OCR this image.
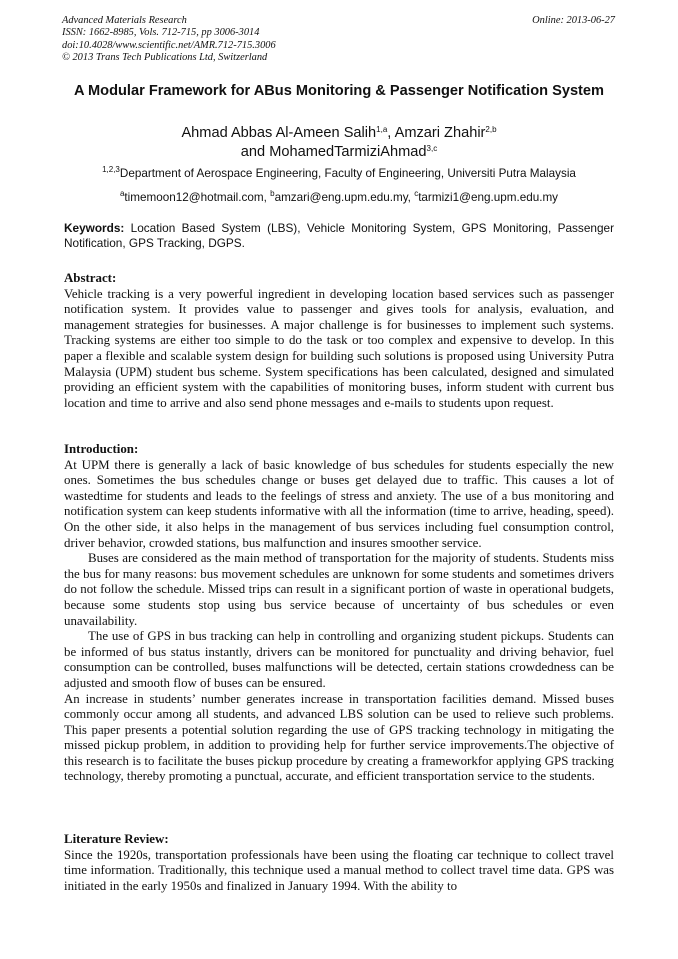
Advanced Materials Research
ISSN: 1662-8985, Vols. 712-715, pp 3006-3014
doi:10.4028/www.scientific.net/AMR.712-715.3006
© 2013 Trans Tech Publications Ltd, Switzerland
Online: 2013-06-27
A Modular Framework for ABus Monitoring & Passenger Notification System
Ahmad Abbas Al-Ameen Salih$^{1,a}$, Amzari Zhahir$^{2,b}$
and MohamedTarmiziAhmad$^{3,c}$
$^{1,2,3}$Department of Aerospace Engineering, Faculty of Engineering, Universiti Putra Malaysia
$^a$timemoon12@hotmail.com, $^b$amzari@eng.upm.edu.my, $^c$tarmizi1@eng.upm.edu.my
Keywords: Location Based System (LBS), Vehicle Monitoring System, GPS Monitoring, Passenger Notification, GPS Tracking, DGPS.

Abstract:

Vehicle tracking is a very powerful ingredient in developing location based services such as passenger notification system. It provides value to passenger and gives tools for analysis, evaluation, and management strategies for businesses. A major challenge is for businesses to implement such systems. Tracking systems are either too simple to do the task or too complex and expensive to develop. In this paper a flexible and scalable system design for building such solutions is proposed using University Putra Malaysia (UPM) student bus scheme. System specifications has been calculated, designed and simulated providing an efficient system with the capabilities of monitoring buses, inform student with current bus location and time to arrive and also send phone messages and e-mails to students upon request.

Introduction:

At UPM there is generally a lack of basic knowledge of bus schedules for students especially the new ones. Sometimes the bus schedules change or buses get delayed due to traffic. This causes a lot of wastedtime for students and leads to the feelings of stress and anxiety. The use of a bus monitoring and notification system can keep students informative with all the information (time to arrive, heading, speed). On the other side, it also helps in the management of bus services including fuel consumption control, driver behavior, crowded stations, bus malfunction and insures smoother service.

Buses are considered as the main method of transportation for the majority of students. Students miss the bus for many reasons: bus movement schedules are unknown for some students and sometimes drivers do not follow the schedule. Missed trips can result in a significant portion of waste in operational budgets, because some students stop using bus service because of uncertainty of bus schedules or even unavailability.

The use of GPS in bus tracking can help in controlling and organizing student pickups. Students can be informed of bus status instantly, drivers can be monitored for punctuality and driving behavior, fuel consumption can be controlled, buses malfunctions will be detected, certain stations crowdedness can be adjusted and smooth flow of buses can be ensured.

An increase in students’ number generates increase in transportation facilities demand. Missed buses commonly occur among all students, and advanced LBS solution can be used to relieve such problems. This paper presents a potential solution regarding the use of GPS tracking technology in mitigating the missed pickup problem, in addition to providing help for further service improvements.The objective of this research is to facilitate the buses pickup procedure by creating a frameworkfor applying GPS tracking technology, thereby promoting a punctual, accurate, and efficient transportation service to the students.

Literature Review:

Since the 1920s, transportation professionals have been using the floating car technique to collect travel time information. Traditionally, this technique used a manual method to collect travel time data. GPS was initiated in the early 1950s and finalized in January 1994. With the ability to
